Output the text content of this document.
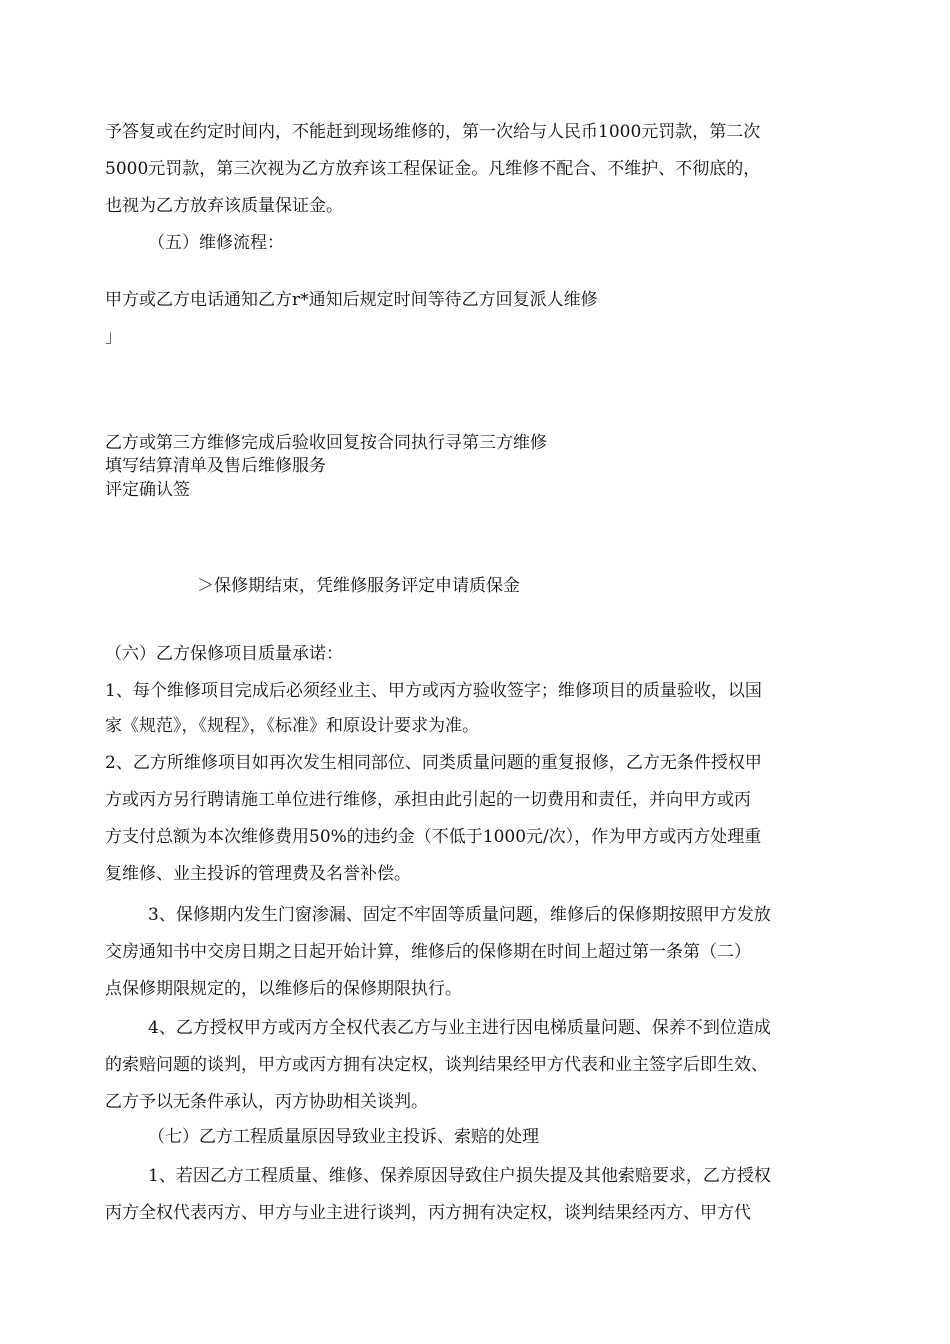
予答复或在约定时间内，不能赶到现场维修的，第一次给与人民币1000元罚款，第二次
5000元罚款，第三次视为乙方放弃该工程保证金。凡维修不配合、不维护、不彻底的，
也视为乙方放弃该质量保证金。
（五）维修流程：
甲方或乙方电话通知乙方r*通知后规定时间等待乙方回复派人维修
」
乙方或第三方维修完成后验收回复按合同执行寻第三方维修
填写结算清单及售后维修服务
评定确认签
＞保修期结束，凭维修服务评定申请质保金
（六）乙方保修项目质量承诺：
1、每个维修项目完成后必须经业主、甲方或丙方验收签字；维修项目的质量验收，以国
家《规范》，《规程》，《标准》和原设计要求为准。
2、乙方所维修项目如再次发生相同部位、同类质量问题的重复报修，乙方无条件授权甲
方或丙方另行聘请施工单位进行维修，承担由此引起的一切费用和责任，并向甲方或丙
方支付总额为本次维修费用50%的违约金（不低于1000元/次），作为甲方或丙方处理重
复维修、业主投诉的管理费及名誉补偿。
3、保修期内发生门窗渗漏、固定不牢固等质量问题，维修后的保修期按照甲方发放
交房通知书中交房日期之日起开始计算，维修后的保修期在时间上超过第一条第（二）
点保修期限规定的，以维修后的保修期限执行。
4、乙方授权甲方或丙方全权代表乙方与业主进行因电梯质量问题、保养不到位造成
的索赔问题的谈判，甲方或丙方拥有决定权，谈判结果经甲方代表和业主签字后即生效、
乙方予以无条件承认，丙方协助相关谈判。
（七）乙方工程质量原因导致业主投诉、索赔的处理
1、若因乙方工程质量、维修、保养原因导致住户损失提及其他索赔要求，乙方授权
丙方全权代表丙方、甲方与业主进行谈判，丙方拥有决定权，谈判结果经丙方、甲方代
